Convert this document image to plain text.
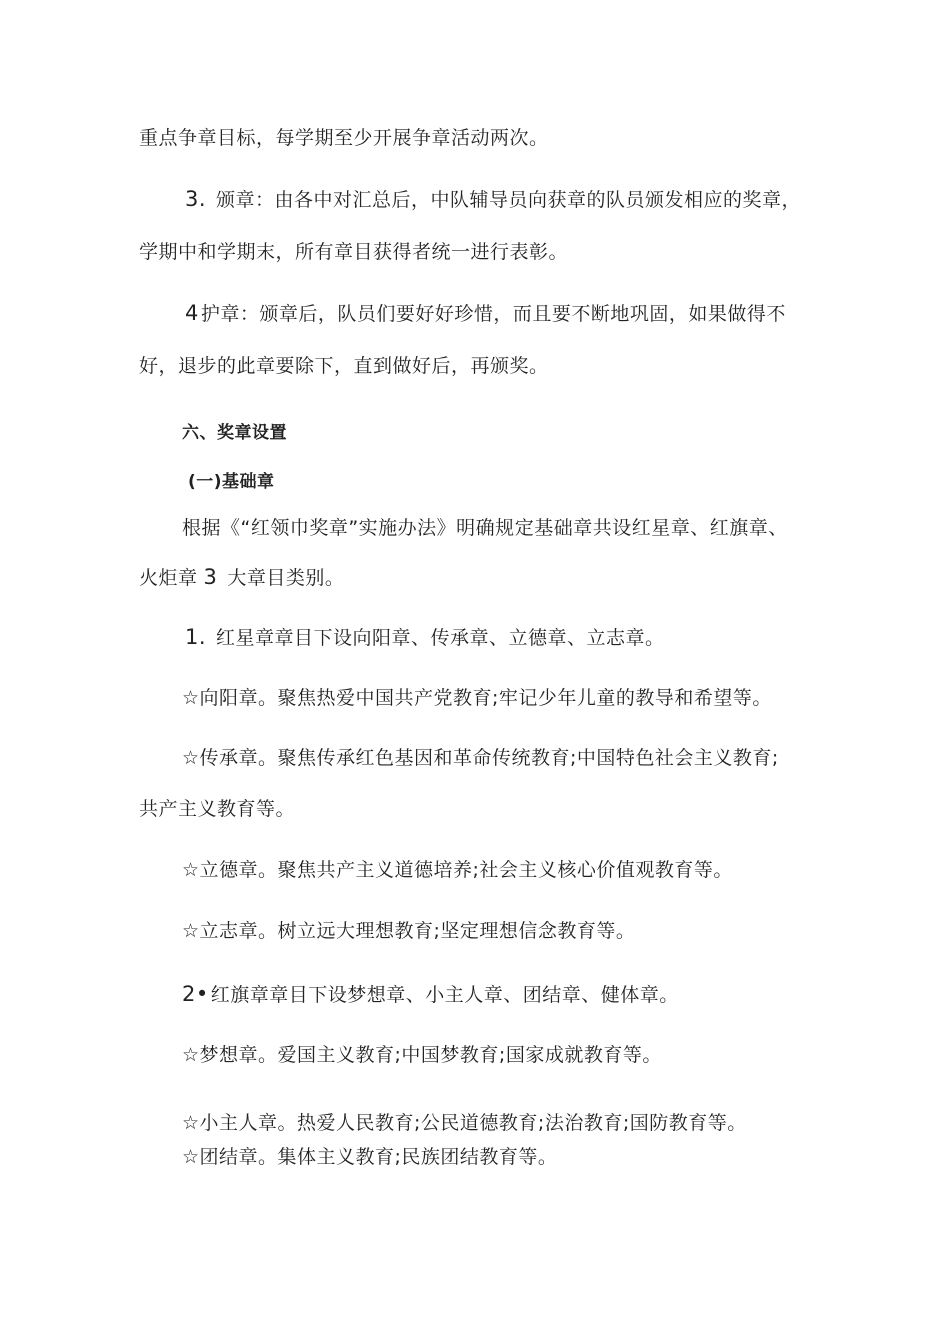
重点争章目标，每学期至少开展争章活动两次。
3. 颁章：由各中对汇总后，中队辅导员向获章的队员颁发相应的奖章，
学期中和学期末，所有章目获得者统一进行表彰。
4 护章：颁章后，队员们要好好珍惜，而且要不断地巩固，如果做得不
好，退步的此章要除下，直到做好后，再颁奖。
六、奖章设置
(一)基础章
根据《“红领巾奖章”实施办法》明确规定基础章共设红星章、红旗章、
火炬章 3 大章目类别。
1. 红星章章目下设向阳章、传承章、立德章、立志章。
☆向阳章。聚焦热爱中国共产党教育;牢记少年儿童的教导和希望等。
☆传承章。聚焦传承红色基因和革命传统教育;中国特色社会主义教育;
共产主义教育等。
☆立德章。聚焦共产主义道德培养;社会主义核心价值观教育等。
☆立志章。树立远大理想教育;坚定理想信念教育等。
2• 红旗章章目下设梦想章、小主人章、团结章、健体章。
☆梦想章。爱国主义教育;中国梦教育;国家成就教育等。
☆小主人章。热爱人民教育;公民道德教育;法治教育;国防教育等。
☆团结章。集体主义教育;民族团结教育等。
